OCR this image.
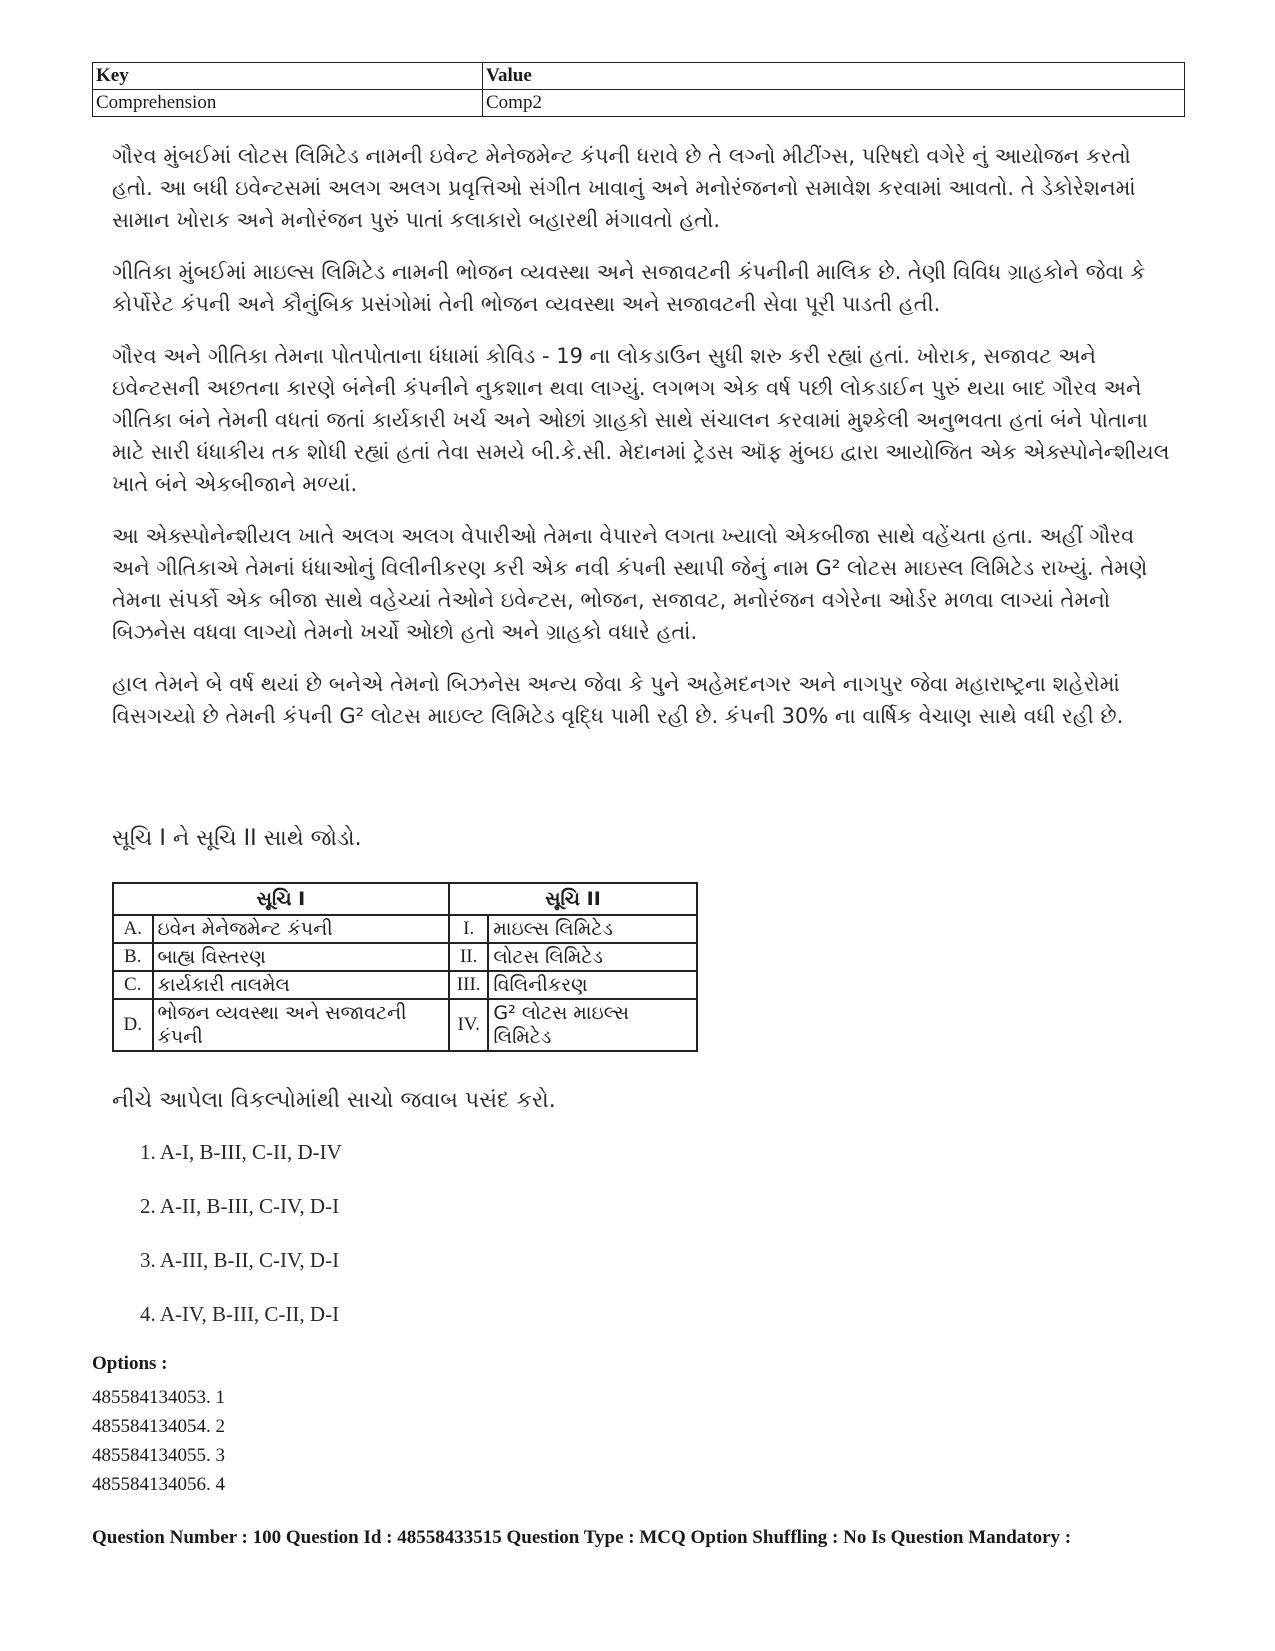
Key	Value
Comprehension	Comp2

ગૌરવ મુંબઈમાં લોટસ લિમિટેડ નામની ઇવેન્ટ મેનેજમેન્ટ કંપની ધરાવે છે તે લગ્નો મીટીંગ્સ, પરિષદો વગેરે નું આયોજન કરતો હતો. આ બધી ઇવેન્ટસમાં અલગ અલગ પ્રવૃત્તિઓ સંગીત ખાવાનું અને મનોરંજનનો સમાવેશ કરવામાં આવતો. તે ડેકોરેશનમાં સામાન ખોરાક અને મનોરંજન પુરું પાતાં કલાકારો બહારથી મંગાવતો હતો.

ગીતિકા મુંબઈમાં માઇલ્સ લિમિટેડ નામની ભોજન વ્યવસ્થા અને સજાવટની કંપનીની માલિક છે. તેણી વિવિધ ગ્રાહકોને જેવા કે કોર્પોરેટ કંપની અને કૌનુંબિક પ્રસંગોમાં તેની ભોજન વ્યવસ્થા અને સજાવટની સેવા પૂરી પાડતી હતી.

ગૌરવ અને ગીતિકા તેમના પોતપોતાના ધંધામાં કોવિડ - 19 ના લોકડાઉન સુધી શરુ કરી રહ્યાં હતાં. ખોરાક, સજાવટ અને ઇવેન્ટસની અછતના કારણે બંનેની કંપનીને નુકશાન થવા લાગ્યું. લગભગ એક વર્ષ પછી લોકડાઈન પુરું થયા બાદ ગૌરવ અને ગીતિકા બંને તેમની વધતાં જતાં કાર્યકારી ખર્ચ અને ઓછાં ગ્રાહકો સાથે સંચાલન કરવામાં મુશ્કેલી અનુભવતા હતાં બંને પોતાના માટે સારી ધંધાકીય તક શોધી રહ્યાં હતાં તેવા સમયે બી.કે.સી. મેદાનમાં ટ્રેડસ ઑફ મુંબઇ દ્વારા આયોજિત એક એક્સ્પોનેન્શીયલ ખાતે બંને એકબીજાને મળ્યાં.

આ એક્સ્પોનેન્શીયલ ખાતે અલગ અલગ વેપારીઓ તેમના વેપારને લગતા ખ્યાલો એકબીજા સાથે વહેંચતા હતા. અહીં ગૌરવ અને ગીતિકાએ તેમનાં ધંધાઓનું વિલીનીકરણ કરી એક નવી કંપની સ્થાપી જેનું નામ G² લોટસ માઇસ્લ લિમિટેડ રાખ્યું. તેમણે તેમના સંપર્કો એક બીજા સાથે વહેચ્યાં તેઓને ઇવેન્ટસ, ભોજન, સજાવટ, મનોરંજન વગેરેના ઓર્ડર મળવા લાગ્યાં તેમનો બિઝનેસ વધવા લાગ્યો તેમનો ખર્ચો ઓછો હતો અને ગ્રાહકો વધારે હતાં.

હાલ તેમને બે વર્ષ થયાં છે બનેએ તેમનો બિઝનેસ અન્ય જેવા કે પુને અહેમદનગર અને નાગપુર જેવા મહારાષ્ટ્રના શહેરોમાં વિસગચ્યો છે તેમની કંપની G² લોટસ માઇલ્ટ લિમિટેડ વૃદ્ધિ પામી રહી છે. કંપની 30% ના વાર્ષિક વેચાણ સાથે વધી રહી છે.

સૂચિ I ને સૂચિ II સાથે જોડો.
સૂચિ I		સૂચિ II	
A.	ઇવેન મેનેજમેન્ટ કંપની	I.	માઇલ્સ લિમિટેડ
B.	બાહ્ય વિસ્તરણ	II.	લોટસ લિમિટેડ
C.	કાર્યકારી તાલમેલ	III.	વિલિનીકરણ
D.	ભોજન વ્યવસ્થા અને સજાવટની કંપની	IV.	G² લોટસ માઇલ્સ લિમિટેડ
નીચે આપેલા વિકલ્પોમાંથી સાચો જવાબ પસંદ કરો.
1. A-I, B-III, C-II, D-IV
2. A-II, B-III, C-IV, D-I
3. A-III, B-II, C-IV, D-I
4. A-IV, B-III, C-II, D-I
Options :
485584134053. 1
485584134054. 2
485584134055. 3
485584134056. 4
Question Number : 100 Question Id : 48558433515 Question Type : MCQ Option Shuffling : No Is Question Mandatory :
